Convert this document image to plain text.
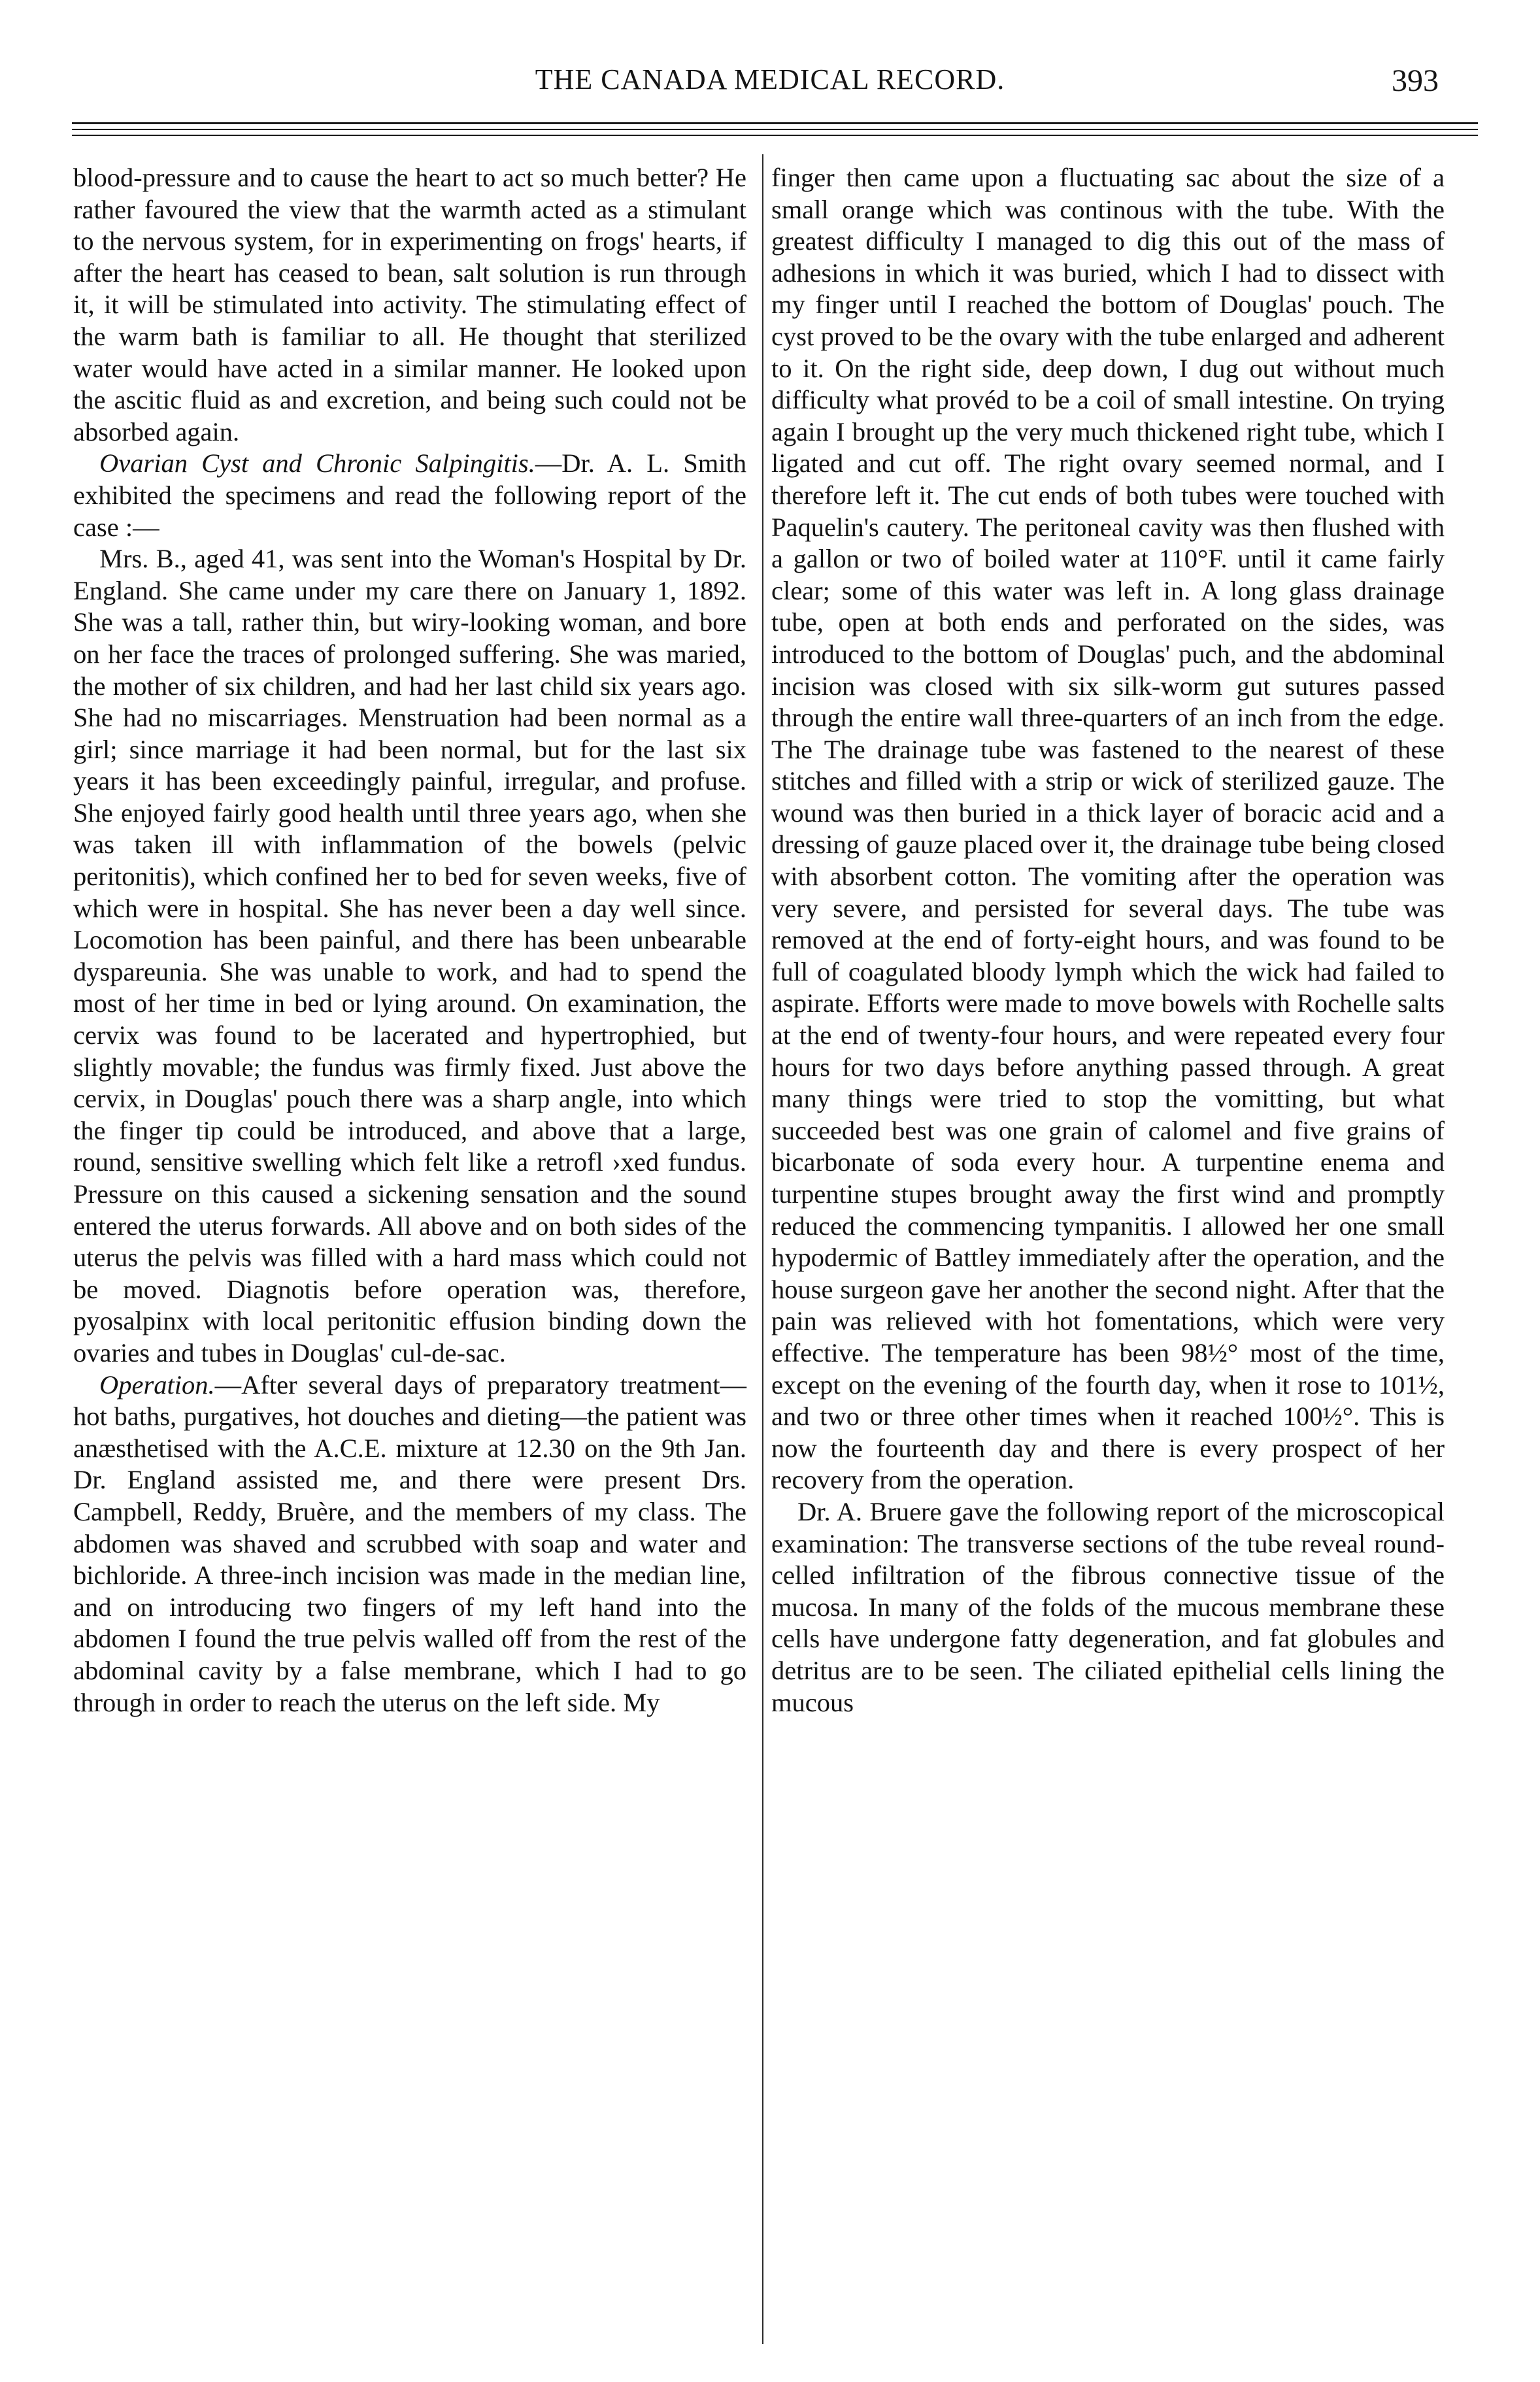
THE CANADA MEDICAL RECORD.	393

blood-pressure and to cause the heart to act so much better? He rather favoured the view that the warmth acted as a stimulant to the nervous system, for in experimenting on frogs' hearts, if after the heart has ceased to bean, salt solution is run through it, it will be stimulated into activity. The stimulating effect of the warm bath is familiar to all. He thought that sterilized water would have acted in a similar manner. He looked upon the ascitic fluid as and excretion, and being such could not be absorbed again.

Ovarian Cyst and Chronic Salpingitis.—Dr. A. L. Smith exhibited the specimens and read the following report of the case :—

Mrs. B., aged 41, was sent into the Woman's Hospital by Dr. England. She came under my care there on January 1, 1892. She was a tall, rather thin, but wiry-looking woman, and bore on her face the traces of prolonged suffering. She was maried, the mother of six children, and had her last child six years ago. She had no miscarriages. Menstruation had been normal as a girl; since marriage it had been normal, but for the last six years it has been exceedingly painful, irregular, and profuse. She enjoyed fairly good health until three years ago, when she was taken ill with inflammation of the bowels (pelvic peritonitis), which confined her to bed for seven weeks, five of which were in hospital. She has never been a day well since. Locomotion has been painful, and there has been unbearable dyspareunia. She was unable to work, and had to spend the most of her time in bed or lying around. On examination, the cervix was found to be lacerated and hypertrophied, but slightly movable; the fundus was firmly fixed. Just above the cervix, in Douglas' pouch there was a sharp angle, into which the finger tip could be introduced, and above that a large, round, sensitive swelling which felt like a retrofl ›xed fundus. Pressure on this caused a sickening sensation and the sound entered the uterus forwards. All above and on both sides of the uterus the pelvis was filled with a hard mass which could not be moved. Diagnotis before operation was, therefore, pyosalpinx with local peritonitic effusion binding down the ovaries and tubes in Douglas' cul-de-sac.

Operation.—After several days of preparatory treatment—hot baths, purgatives, hot douches and dieting—the patient was anæsthetised with the A.C.E. mixture at 12.30 on the 9th Jan. Dr. England assisted me, and there were present Drs. Campbell, Reddy, Bruère, and the members of my class. The abdomen was shaved and scrubbed with soap and water and bichloride. A three-inch incision was made in the median line, and on introducing two fingers of my left hand into the abdomen I found the true pelvis walled off from the rest of the abdominal cavity by a false membrane, which I had to go through in order to reach the uterus on the left side. My

finger then came upon a fluctuating sac about the size of a small orange which was continous with the tube. With the greatest difficulty I managed to dig this out of the mass of adhesions in which it was buried, which I had to dissect with my finger until I reached the bottom of Douglas' pouch. The cyst proved to be the ovary with the tube enlarged and adherent to it. On the right side, deep down, I dug out without much difficulty what provéd to be a coil of small intestine. On trying again I brought up the very much thickened right tube, which I ligated and cut off. The right ovary seemed normal, and I therefore left it. The cut ends of both tubes were touched with Paquelin's cautery. The peritoneal cavity was then flushed with a gallon or two of boiled water at 110°F. until it came fairly clear; some of this water was left in. A long glass drainage tube, open at both ends and perforated on the sides, was introduced to the bottom of Douglas' puch, and the abdominal incision was closed with six silk-worm gut sutures passed through the entire wall three-quarters of an inch from the edge. The The drainage tube was fastened to the nearest of these stitches and filled with a strip or wick of sterilized gauze. The wound was then buried in a thick layer of boracic acid and a dressing of gauze placed over it, the drainage tube being closed with absorbent cotton. The vomiting after the operation was very severe, and persisted for several days. The tube was removed at the end of forty-eight hours, and was found to be full of coagulated bloody lymph which the wick had failed to aspirate. Efforts were made to move bowels with Rochelle salts at the end of twenty-four hours, and were repeated every four hours for two days before anything passed through. A great many things were tried to stop the vomitting, but what succeeded best was one grain of calomel and five grains of bicarbonate of soda every hour. A turpentine enema and turpentine stupes brought away the first wind and promptly reduced the commencing tympanitis. I allowed her one small hypodermic of Battley immediately after the operation, and the house surgeon gave her another the second night. After that the pain was relieved with hot fomentations, which were very effective. The temperature has been 98½° most of the time, except on the evening of the fourth day, when it rose to 101½, and two or three other times when it reached 100½°. This is now the fourteenth day and there is every prospect of her recovery from the operation.

Dr. A. Bruere gave the following report of the microscopical examination: The transverse sections of the tube reveal round-celled infiltration of the fibrous connective tissue of the mucosa. In many of the folds of the mucous membrane these cells have undergone fatty degeneration, and fat globules and detritus are to be seen. The ciliated epithelial cells lining the mucous
